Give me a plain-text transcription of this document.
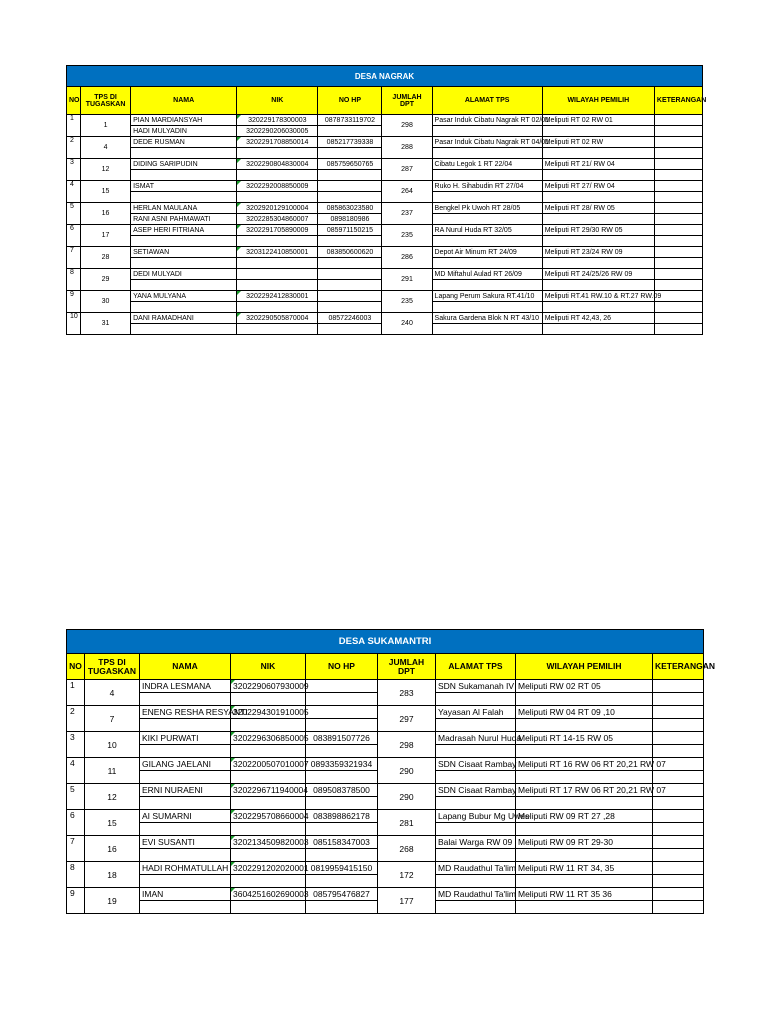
DESA NAGRAK								
NO	TPS DI TUGASKAN	NAMA	NIK	NO HP	JUMLAH DPT	ALAMAT TPS	WILAYAH PEMILIH	KETERANGAN
1	1	PIAN MARDIANSYAH	320229178300003	0878733119702	298	Pasar Induk Cibatu Nagrak RT 02/01	Meliputi RT 02 RW 01	
		HADI MULYADIN	3202290206030005					
2	4	DEDE RUSMAN	3202291708850014	085217739338	288	Pasar Induk Cibatu Nagrak RT 04/01	Meliputi RT 02 RW	

3	12	DIDING SARIPUDIN	3202290804830004	085759650765	287	Cibatu Legok 1 RT 22/04	Meliputi RT 21/ RW 04	

4	15	ISMAT	3202292008850009		264	Ruko H. Sihabudin RT 27/04	Meliputi RT 27/ RW 04	

5	16	HERLAN MAULANA	3202920129100004	085863023580	237	Bengkel Pk Uwoh RT 28/05	Meliputi RT 28/ RW 05	
		RANI ASNI PAHMAWATI	3202285304860007	0898180986				
6	17	ASEP HERI FITRIANA	3202291705890009	085971150215	235	RA Nurul Huda RT 32/05	Meliputi RT 29/30 RW 05	

7	28	SETIAWAN	3203122410850001	083850600620	286	Depot Air Minum RT 24/09	Meliputi RT 23/24 RW 09	

8	29	DEDI MULYADI			291	MD Miftahul Aulad RT 26/09	Meliputi RT 24/25/26 RW 09	

9	30	YANA MULYANA	3202292412830001		235	Lapang Perum Sakura RT.41/10	Meliputi RT.41 RW.10 & RT.27 RW.09	

10	31	DANI RAMADHANI	3202290505870004	08572246003	240	Sakura Gardena Blok N RT 43/10	Meliputi RT 42,43, 26	

DESA SUKAMANTRI								
NO	TPS DI TUGASKAN	NAMA	NIK	NO HP	JUMLAH DPT	ALAMAT TPS	WILAYAH PEMILIH	KETERANGAN
1	4	INDRA LESMANA	3202290607930009		283	SDN Sukamanah IV	Meliputi RW 02 RT 05	

2	7	ENENG RESHA RESYANTI	3202294301910005		297	Yayasan Al Falah	Meliputi RW 04 RT 09 ,10	

3	10	KIKI PURWATI	3202296306850005	083891507726	298	Madrasah Nurul Huda	Meliputi RT 14-15 RW 05	

4	11	GILANG JAELANI	3202200507010007	0893359321934	290	SDN Cisaat Rambay	Meliputi RT 16 RW 06 RT 20,21 RW 07	

5	12	ERNI NURAENI	3202296711940004	089508378500	290	SDN Cisaat Rambay	Meliputi RT 17 RW 06 RT 20,21 RW 07	

6	15	AI SUMARNI	3202295708660004	083898862178	281	Lapang Bubur Mg Uwes	Meliputi RW 09 RT 27 ,28	

7	16	EVI SUSANTI	3202134509820003	085158347003	268	Balai Warga RW 09	Meliputi RW 09 RT 29-30	

8	18	HADI ROHMATULLAH	3202291202020001	0819959415150	172	MD Raudathul Ta'lim	Meliputi RW 11 RT 34, 35	

9	19	IMAN	3604251602690003	085795476827	177	MD Raudathul Ta'lim	Meliputi RW 11 RT 35 36	
